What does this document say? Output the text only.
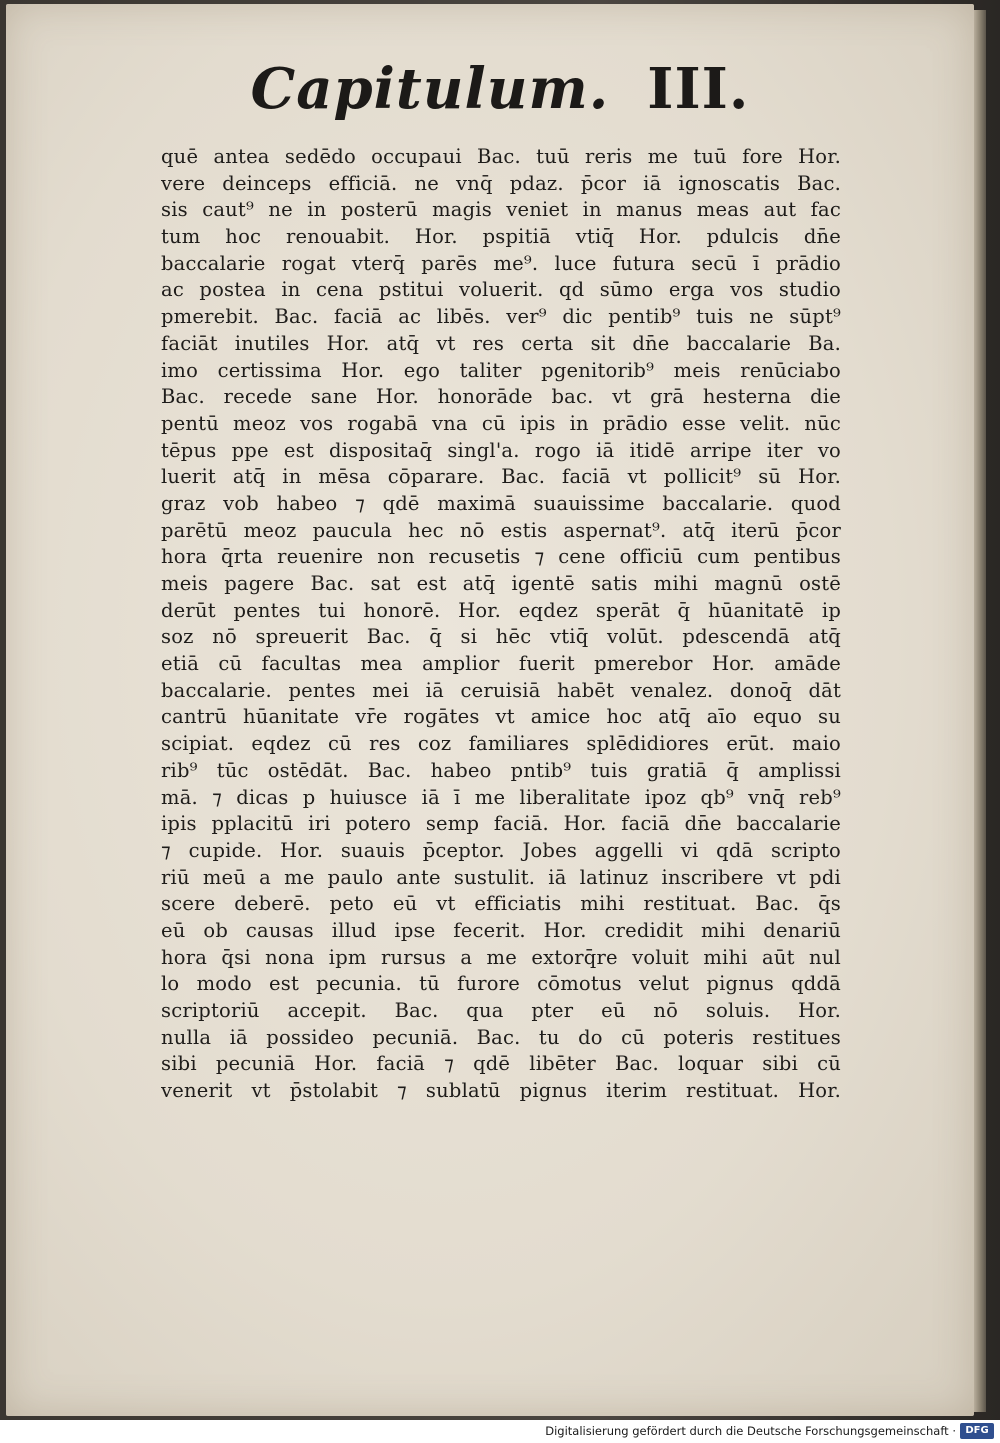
Capitulum. III.
quē antea sedēdo occupaui Bac. tuū reris me tuū fore Hor.
vere deinceps efficiā. ne vnq̄ pdaz. p̄cor iā ignoscatis Bac.
sis caut⁹ ne in posterū magis veniet in manus meas aut fac
tum hoc renouabit. Hor. pspitiā vtiq̄ Hor. pdulcis dn̄e
baccalarie rogat vterq̄ parēs me⁹. luce futura secū ī prādio
ac postea in cena pstitui voluerit. qd sūmo erga vos studio
pmerebit. Bac. faciā ac libēs. ver⁹ dic pentib⁹ tuis ne sūpt⁹
faciāt inutiles Hor. atq̄ vt res certa sit dn̄e baccalarie Ba.
imo certissima Hor. ego taliter pgenitorib⁹ meis renūciabo
Bac. recede sane Hor. honorāde bac. vt grā hesterna die
pentū meoz vos rogabā vna cū ipis in prādio esse velit. nūc
tēpus ppe est dispositaq̄ singl'a. rogo iā itidē arripe iter vo
luerit atq̄ in mēsa cōparare. Bac. faciā vt pollicit⁹ sū Hor.
graz vob habeo ⁊ qdē maximā suauissime baccalarie. quod
parētū meoz paucula hec nō estis aspernat⁹. atq̄ iterū p̄cor
hora q̄rta reuenire non recusetis ⁊ cene officiū cum pentibus
meis pagere Bac. sat est atq̄ igentē satis mihi magnū ostē
derūt pentes tui honorē. Hor. eqdez sperāt q̄ hūanitatē ip
soz nō spreuerit Bac. q̄ si hēc vtiq̄ volūt. pdescendā atq̄
etiā cū facultas mea amplior fuerit pmerebor Hor. amāde
baccalarie. pentes mei iā ceruisiā habēt venalez. donoq̄ dāt
cantrū hūanitate vr̄e rogātes vt amice hoc atq̄ aīo equo su
scipiat. eqdez cū res coz familiares splēdidiores erūt. maio
rib⁹ tūc ostēdāt. Bac. habeo pntib⁹ tuis gratiā q̄ amplissi
mā. ⁊ dicas p huiusce iā ī me liberalitate ipoz qb⁹ vnq̄ reb⁹
ipis pplacitū iri potero semp faciā. Hor. faciā dn̄e baccalarie
⁊ cupide. Hor. suauis p̄ceptor. Jobes aggelli vi qdā scripto
riū meū a me paulo ante sustulit. iā latinuz inscribere vt pdi
scere deberē. peto eū vt efficiatis mihi restituat. Bac. q̄s
eū ob causas illud ipse fecerit. Hor. credidit mihi denariū
hora q̄si nona ipm rursus a me extorq̄re voluit mihi aūt nul
lo modo est pecunia. tū furore cōmotus velut pignus qddā
scriptoriū accepit. Bac. qua pter eū nō soluis. Hor.
nulla iā possideo pecuniā. Bac. tu do cū poteris restitues
sibi pecuniā Hor. faciā ⁊ qdē libēter Bac. loquar sibi cū
venerit vt p̄stolabit ⁊ sublatū pignus iterim restituat. Hor.
Digitalisierung gefördert durch die Deutsche Forschungsgemeinschaft · DFG
